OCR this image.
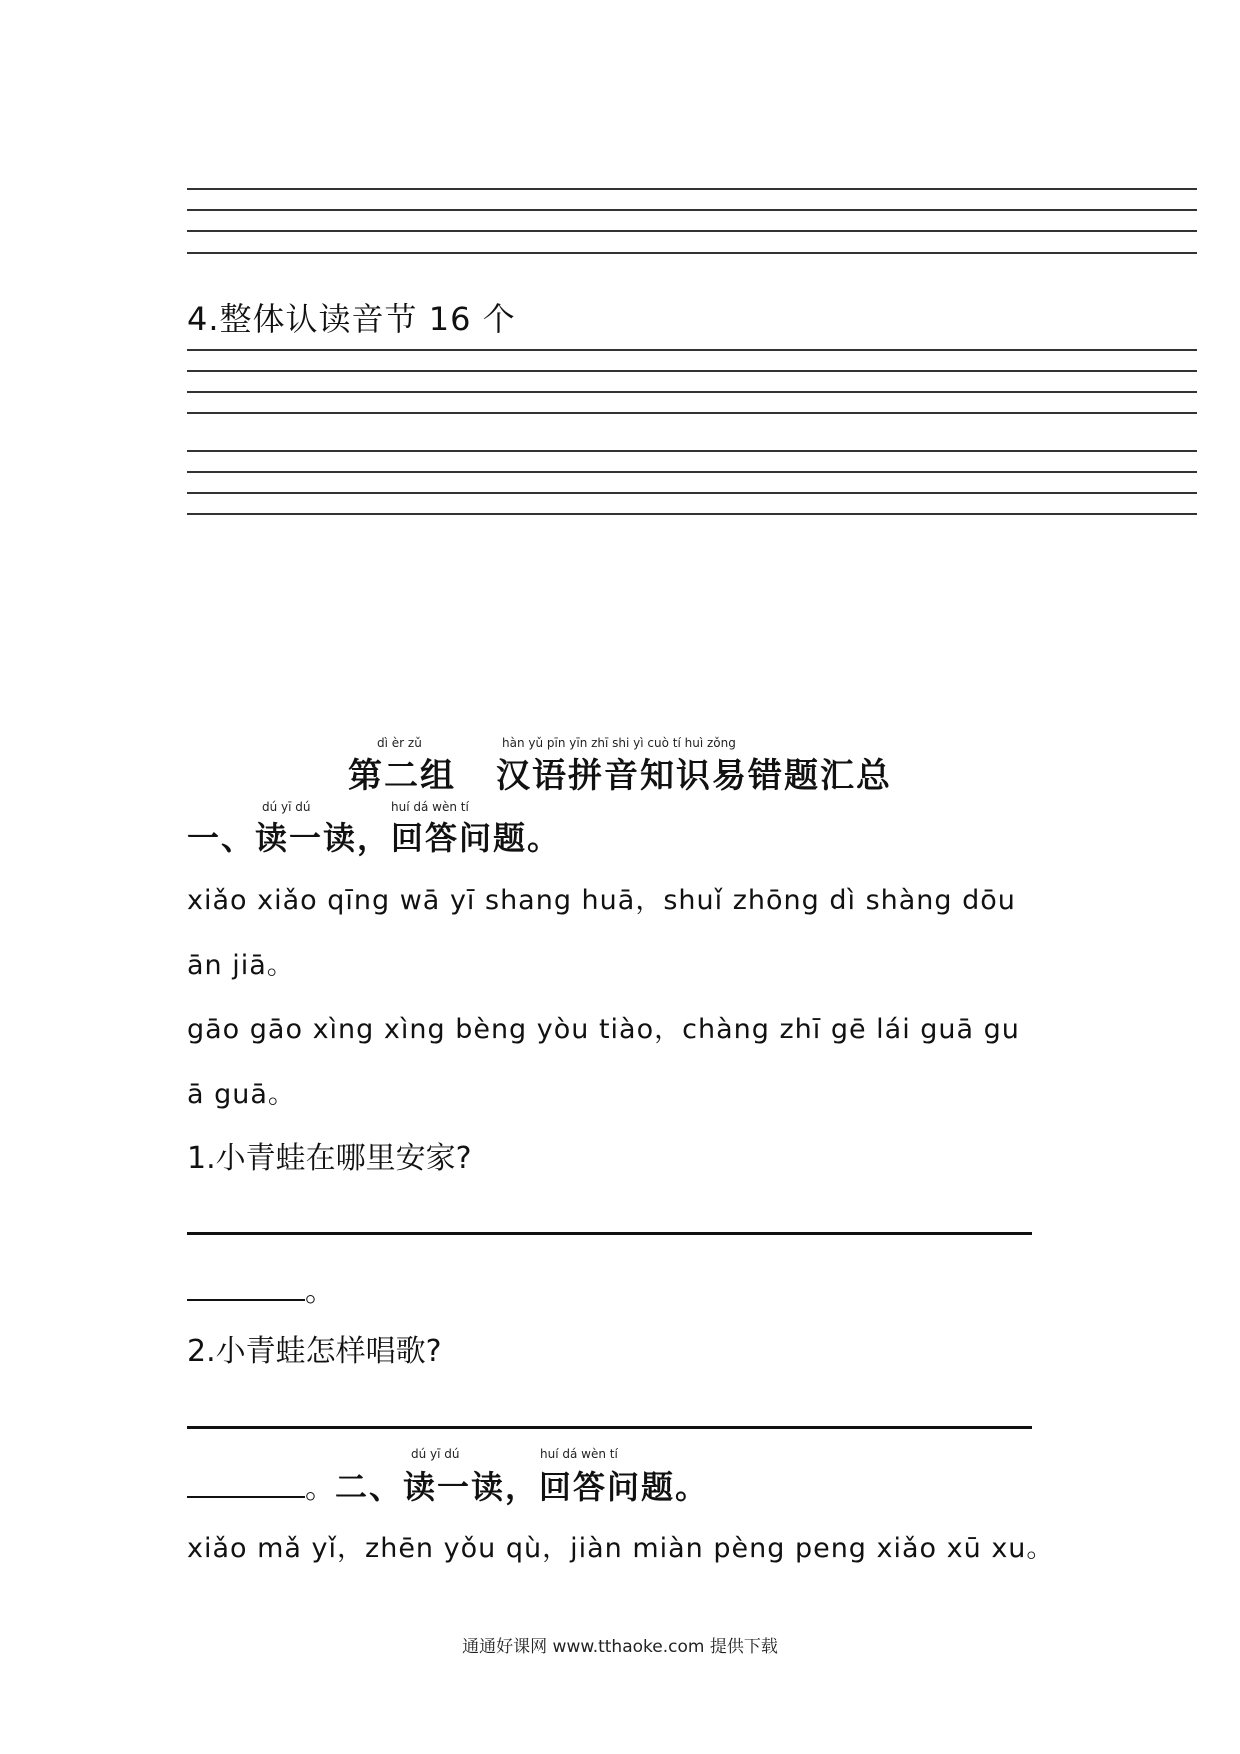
4.整体认读音节 16 个
dì èr zǔ	hàn yǔ pīn yīn zhī shi yì cuò tí huì zǒng
第二组 汉语拼音知识易错题汇总
dú yī dú	huí dá wèn tí
一、读一读，回答问题。
xiǎo xiǎo qīng wā yī shang huā，shuǐ zhōng dì shàng dōu
ān jiā。
gāo gāo xìng xìng bèng yòu tiào，chàng zhī gē lái guā gu
ā guā。
1.小青蛙在哪里安家?
。
2.小青蛙怎样唱歌?
dú yī dú	huí dá wèn tí
。二、读一读，回答问题。
xiǎo mǎ yǐ，zhēn yǒu qù，jiàn miàn pèng peng xiǎo xū xu。
通通好课网 www.tthaoke.com 提供下载
